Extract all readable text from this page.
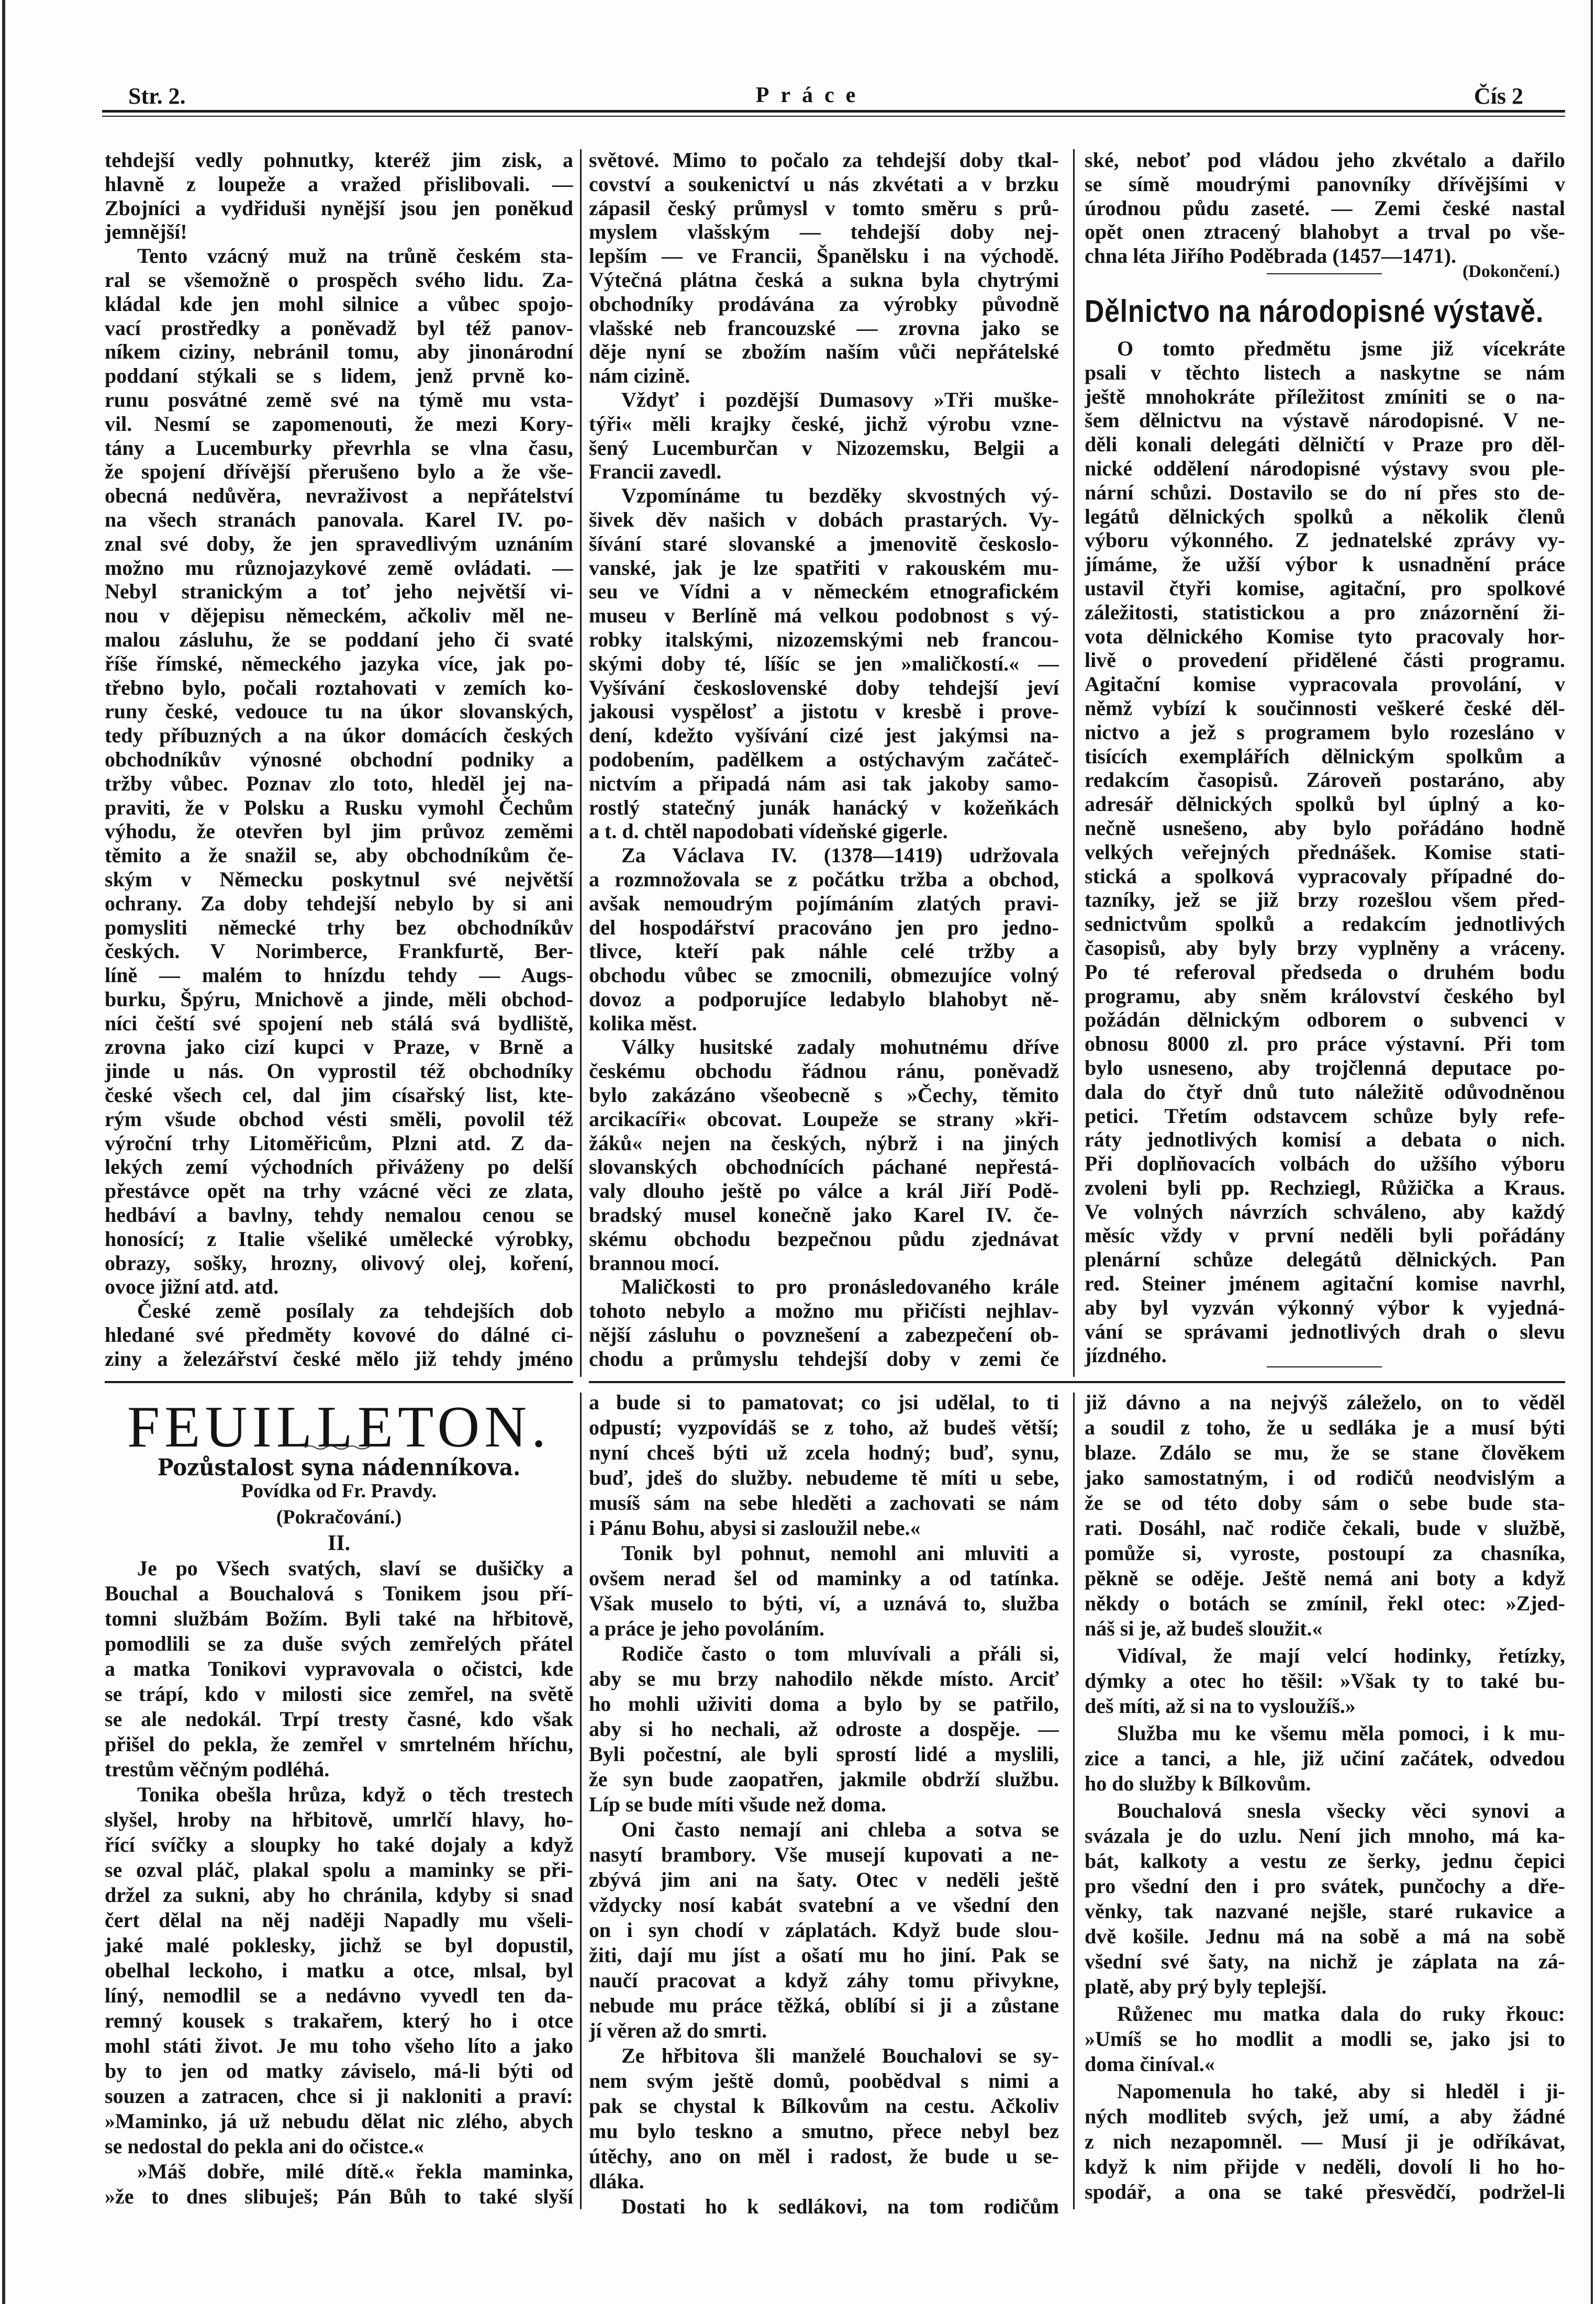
Str. 2.	Práce	Čís 2
tehdejší vedly pohnutky, kteréž jim zisk, a
hlavně z loupeže a vražed přislibovali. —
Zbojníci a vydřiduši nynější jsou jen poněkud
jemnější!
Tento vzácný muž na trůně českém sta-
ral se všemožně o prospěch svého lidu. Za-
kládal kde jen mohl silnice a vůbec spojo-
vací prostředky a poněvadž byl též panov-
níkem ciziny, nebránil tomu, aby jinonárodní
poddaní stýkali se s lidem, jenž prvně ko-
runu posvátné země své na týmě mu vsta-
vil. Nesmí se zapomenouti, že mezi Kory-
tány a Lucemburky převrhla se vlna času,
že spojení dřívější přerušeno bylo a že vše-
obecná nedůvěra, nevraživost a nepřátelství
na všech stranách panovala. Karel IV. po-
znal své doby, že jen spravedlivým uznáním
možno mu různojazykové země ovládati. —
Nebyl stranickým a toť jeho největší vi-
nou v dějepisu německém, ačkoliv měl ne-
malou zásluhu, že se poddaní jeho či svaté
říše římské, německého jazyka více, jak po-
třebno bylo, počali roztahovati v zemích ko-
runy české, vedouce tu na úkor slovanských,
tedy příbuzných a na úkor domácích českých
obchodníkův výnosné obchodní podniky a
tržby vůbec. Poznav zlo toto, hleděl jej na-
praviti, že v Polsku a Rusku vymohl Čechům
výhodu, že otevřen byl jim průvoz zeměmi
těmito a že snažil se, aby obchodníkům če-
ským v Německu poskytnul své největší
ochrany. Za doby tehdejší nebylo by si ani
pomysliti německé trhy bez obchodníkův
českých. V Norimberce, Frankfurtě, Ber-
líně — malém to hnízdu tehdy — Augs-
burku, Špýru, Mnichově a jinde, měli obchod-
níci čeští své spojení neb stálá svá bydliště,
zrovna jako cizí kupci v Praze, v Brně a
jinde u nás. On vyprostil též obchodníky
české všech cel, dal jim císařský list, kte-
rým všude obchod vésti směli, povolil též
výroční trhy Litoměřicům, Plzni atd. Z da-
lekých zemí východních přiváženy po delší
přestávce opět na trhy vzácné věci ze zlata,
hedbáví a bavlny, tehdy nemalou cenou se
honosící; z Italie všeliké umělecké výrobky,
obrazy, sošky, hrozny, olivový olej, koření,
ovoce jižní atd. atd.
České země posílaly za tehdejších dob
hledané své předměty kovové do dálné ci-
ziny a železářství české mělo již tehdy jméno
světové. Mimo to počalo za tehdejší doby tkal-
covství a soukenictví u nás zkvétati a v brzku
zápasil český průmysl v tomto směru s prů-
myslem vlašským — tehdejší doby nej-
lepším — ve Francii, Španělsku i na východě.
Výtečná plátna česká a sukna byla chytrými
obchodníky prodávána za výrobky původně
vlašské neb francouzské — zrovna jako se
děje nyní se zbožím naším vůči nepřátelské
nám cizině.
Vždyť i pozdější Dumasovy »Tři muške-
týři« měli krajky české, jichž výrobu vzne-
šený Lucemburčan v Nizozemsku, Belgii a
Francii zavedl.
Vzpomínáme tu bezděky skvostných vý-
šivek děv našich v dobách prastarých. Vy-
šívání staré slovanské a jmenovitě českoslo-
vanské, jak je lze spatřiti v rakouském mu-
seu ve Vídni a v německém etnografickém
museu v Berlíně má velkou podobnost s vý-
robky italskými, nizozemskými neb francou-
skými doby té, líšíc se jen »maličkostí.« —
Vyšívání československé doby tehdejší jeví
jakousi vyspělosť a jistotu v kresbě i prove-
dení, kdežto vyšívání cizé jest jakýmsi na-
podobením, padělkem a ostýchavým začáteč-
nictvím a připadá nám asi tak jakoby samo-
rostlý statečný junák hanácký v kožeňkách
a t. d. chtěl napodobati vídeňské gigerle.
Za Václava IV. (1378—1419) udržovala
a rozmnožovala se z počátku tržba a obchod,
avšak nemoudrým pojímáním zlatých pravi-
del hospodářství pracováno jen pro jedno-
tlivce, kteří pak náhle celé tržby a
obchodu vůbec se zmocnili, obmezujíce volný
dovoz a podporujíce ledabylo blahobyt ně-
kolika měst.
Války husitské zadaly mohutnému dříve
českému obchodu řádnou ránu, poněvadž
bylo zakázáno všeobecně s »Čechy, těmito
arcikacíři« obcovat. Loupeže se strany »kři-
žáků« nejen na českých, nýbrž i na jiných
slovanských obchodnících páchané nepřestá-
valy dlouho ještě po válce a král Jiří Podě-
bradský musel konečně jako Karel IV. če-
skému obchodu bezpečnou půdu zjednávat
brannou mocí.
Maličkosti to pro pronásledovaného krále
tohoto nebylo a možno mu přičísti nejhlav-
nější zásluhu o povznešení a zabezpečení ob-
chodu a průmyslu tehdejší doby v zemi če
ské, neboť pod vládou jeho zkvétalo a dařilo
se símě moudrými panovníky dřívějšími v
úrodnou půdu zaseté. — Zemi české nastal
opět onen ztracený blahobyt a trval po vše-
chna léta Jiřího Poděbrada (1457—1471).
(Dokončení.)
Dělnictvo na národopisné výstavě.
O tomto předmětu jsme již vícekráte
psali v těchto listech a naskytne se nám
ještě mnohokráte příležitost zmíniti se o na-
šem dělnictvu na výstavě národopisné. V ne-
děli konali delegáti dělničtí v Praze pro děl-
nické oddělení národopisné výstavy svou ple-
nární schůzi. Dostavilo se do ní přes sto de-
legátů dělnických spolků a několik členů
výboru výkonného. Z jednatelské zprávy vy-
jímáme, že užší výbor k usnadnění práce
ustavil čtyři komise, agitační, pro spolkové
záležitosti, statistickou a pro znázornění ži-
vota dělnického Komise tyto pracovaly hor-
livě o provedení přidělené části programu.
Agitační komise vypracovala provolání, v
němž vybízí k součinnosti veškeré české děl-
nictvo a jež s programem bylo rozesláno v
tisících exemplářích dělnickým spolkům a
redakcím časopisů. Zároveň postaráno, aby
adresář dělnických spolků byl úplný a ko-
nečně usnešeno, aby bylo pořádáno hodně
velkých veřejných přednášek. Komise stati-
stická a spolková vypracovaly případné do-
tazníky, jež se již brzy rozešlou všem před-
sednictvům spolků a redakcím jednotlivých
časopisů, aby byly brzy vyplněny a vráceny.
Po té referoval předseda o druhém bodu
programu, aby sněm království českého byl
požádán dělnickým odborem o subvenci v
obnosu 8000 zl. pro práce výstavní. Při tom
bylo usneseno, aby trojčlenná deputace po-
dala do čtyř dnů tuto náležitě odůvodněnou
petici. Třetím odstavcem schůze byly refe-
ráty jednotlivých komisí a debata o nich.
Při doplňovacích volbách do užšího výboru
zvoleni byli pp. Rechziegl, Růžička a Kraus.
Ve volných návrzích schváleno, aby každý
měsíc vždy v první neděli byli pořádány
plenární schůze delegátů dělnických. Pan
red. Steiner jménem agitační komise navrhl,
aby byl vyzván výkonný výbor k vyjedná-
vání se správami jednotlivých drah o slevu
jízdného.
FEUILLETON.
Pozůstalost syna nádenníkova.
Povídka od Fr. Pravdy.
(Pokračování.)
II.
Je po Všech svatých, slaví se dušičky a
Bouchal a Bouchalová s Tonikem jsou pří-
tomni službám Božím. Byli také na hřbitově,
pomodlili se za duše svých zemřelých přátel
a matka Tonikovi vypravovala o očistci, kde
se trápí, kdo v milosti sice zemřel, na světě
se ale nedokál. Trpí tresty časné, kdo však
přišel do pekla, že zemřel v smrtelném hříchu,
trestům věčným podléhá.
Tonika obešla hrůza, když o těch trestech
slyšel, hroby na hřbitově, umrlčí hlavy, ho-
řící svíčky a sloupky ho také dojaly a když
se ozval pláč, plakal spolu a maminky se při-
držel za sukni, aby ho chránila, kdyby si snad
čert dělal na něj naději Napadly mu všeli-
jaké malé poklesky, jichž se byl dopustil,
obelhal leckoho, i matku a otce, mlsal, byl
líný, nemodlil se a nedávno vyvedl ten da-
remný kousek s trakařem, který ho i otce
mohl státi život. Je mu toho všeho líto a jako
by to jen od matky záviselo, má-li býti od
souzen a zatracen, chce si ji nakloniti a praví:
»Maminko, já už nebudu dělat nic zlého, abych
se nedostal do pekla ani do očistce.«
»Máš dobře, milé dítě.« řekla maminka,
»že to dnes slibuješ; Pán Bůh to také slyší
a bude si to pamatovat; co jsi udělal, to ti
odpustí; vyzpovídáš se z toho, až budeš větší;
nyní chceš býti už zcela hodný; buď, synu,
buď, jdeš do služby. nebudeme tě míti u sebe,
musíš sám na sebe hleděti a zachovati se nám
i Pánu Bohu, abysi si zasloužil nebe.«
Tonik byl pohnut, nemohl ani mluviti a
ovšem nerad šel od maminky a od tatínka.
Však muselo to býti, ví, a uznává to, služba
a práce je jeho povoláním.
Rodiče často o tom mluvívali a přáli si,
aby se mu brzy nahodilo někde místo. Arciť
ho mohli uživiti doma a bylo by se patřilo,
aby si ho nechali, až odroste a dospěje. —
Byli počestní, ale byli sprostí lidé a myslili,
že syn bude zaopatřen, jakmile obdrží službu.
Líp se bude míti všude než doma.
Oni často nemají ani chleba a sotva se
nasytí brambory. Vše musejí kupovati a ne-
zbývá jim ani na šaty. Otec v neděli ještě
vždycky nosí kabát svatební a ve všední den
on i syn chodí v záplatách. Když bude slou-
žiti, dají mu jíst a ošatí mu ho jiní. Pak se
naučí pracovat a když záhy tomu přivykne,
nebude mu práce těžká, oblíbí si ji a zůstane
jí věren až do smrti.
Ze hřbitova šli manželé Bouchalovi se sy-
nem svým ještě domů, poobědval s nimi a
pak se chystal k Bílkovům na cestu. Ačkoliv
mu bylo teskno a smutno, přece nebyl bez
útěchy, ano on měl i radost, že bude u se-
dláka.
Dostati ho k sedlákovi, na tom rodičům
již dávno a na nejvýš záleželo, on to věděl
a soudil z toho, že u sedláka je a musí býti
blaze. Zdálo se mu, že se stane člověkem
jako samostatným, i od rodičů neodvislým a
že se od této doby sám o sebe bude sta-
rati. Dosáhl, nač rodiče čekali, bude v službě,
pomůže si, vyroste, postoupí za chasníka,
pěkně se oděje. Ještě nemá ani boty a když
někdy o botách se zmínil, řekl otec: »Zjed-
náš si je, až budeš sloužit.«
Vidíval, že mají velcí hodinky, řetízky,
dýmky a otec ho těšil: »Však ty to také bu-
deš míti, až si na to vysloužíš.»
Služba mu ke všemu měla pomoci, i k mu-
zice a tanci, a hle, již učiní začátek, odvedou
ho do služby k Bílkovům.
Bouchalová snesla všecky věci synovi a
svázala je do uzlu. Není jich mnoho, má ka-
bát, kalkoty a vestu ze šerky, jednu čepici
pro všední den i pro svátek, punčochy a dře-
věnky, tak nazvané nejšle, staré rukavice a
dvě košile. Jednu má na sobě a má na sobě
všední své šaty, na nichž je záplata na zá-
platě, aby prý byly teplejší.
Růženec mu matka dala do ruky řkouc:
»Umíš se ho modlit a modli se, jako jsi to
doma činíval.«
Napomenula ho také, aby si hleděl i ji-
ných modliteb svých, jež umí, a aby žádné
z nich nezapomněl. — Musí ji je odříkávat,
když k nim přijde v neděli, dovolí li ho ho-
spodář, a ona se také přesvědčí, podržel-li
